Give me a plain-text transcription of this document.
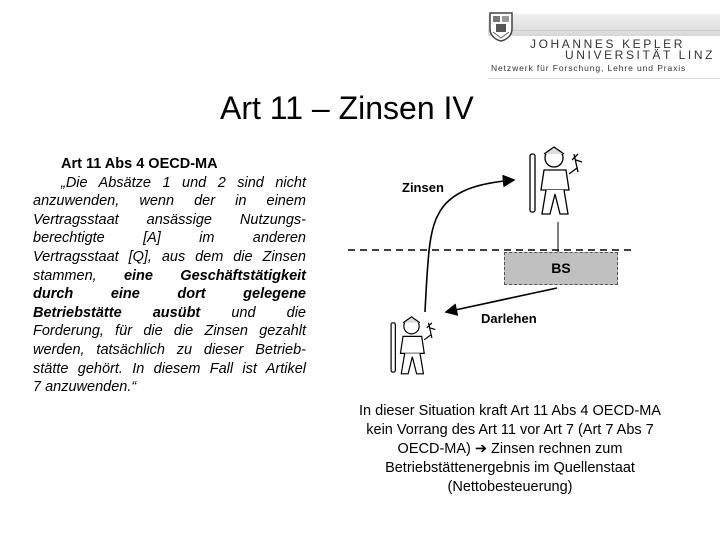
JOHANNES KEPLER
UNIVERSITÄT LINZ
Netzwerk für Forschung, Lehre und Praxis
Art 11 – Zinsen IV
Art 11 Abs 4 OECD-MA
„Die Absätze 1 und 2 sind nicht
anzuwenden, wenn der in einem
Vertragsstaat ansässige Nutzungs-
berechtigte [A] im anderen
Vertragsstaat [Q], aus dem die Zinsen
stammen, eine Geschäftstätigkeit
durch eine dort gelegene
Betriebstätte ausübt und die
Forderung, für die die Zinsen gezahlt
werden, tatsächlich zu dieser Betrieb-
stätte gehört. In diesem Fall ist Artikel
7 anzuwenden.“
Zinsen
BS
Darlehen
In dieser Situation kraft Art 11 Abs 4 OECD-MA kein Vorrang des Art 11 vor Art 7 (Art 7 Abs 7 OECD-MA) ➔ Zinsen rechnen zum Betriebstättenergebnis im Quellenstaat (Nettobesteuerung)
